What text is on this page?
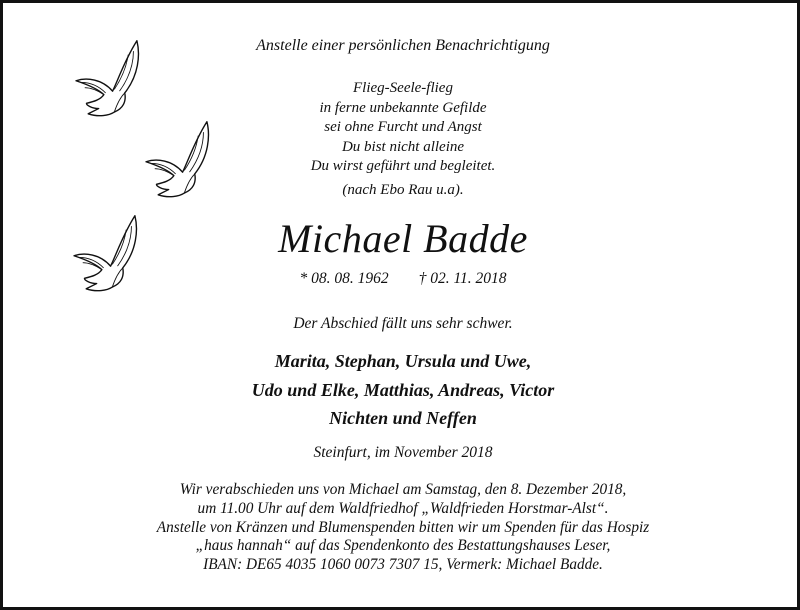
Anstelle einer persönlichen Benachrichtigung
Flieg-Seele-flieg
in ferne unbekannte Gefilde
sei ohne Furcht und Angst
Du bist nicht alleine
Du wirst geführt und begleitet.
(nach Ebo Rau u.a).
Michael Badde
* 08. 08. 1962 † 02. 11. 2018
Der Abschied fällt uns sehr schwer.
Marita, Stephan, Ursula und Uwe,
Udo und Elke, Matthias, Andreas, Victor
Nichten und Neffen
Steinfurt, im November 2018
Wir verabschieden uns von Michael am Samstag, den 8. Dezember 2018,
um 11.00 Uhr auf dem Waldfriedhof „Waldfrieden Horstmar-Alst“.
Anstelle von Kränzen und Blumenspenden bitten wir um Spenden für das Hospiz
„haus hannah“ auf das Spendenkonto des Bestattungshauses Leser,
IBAN: DE65 4035 1060 0073 7307 15, Vermerk: Michael Badde.
